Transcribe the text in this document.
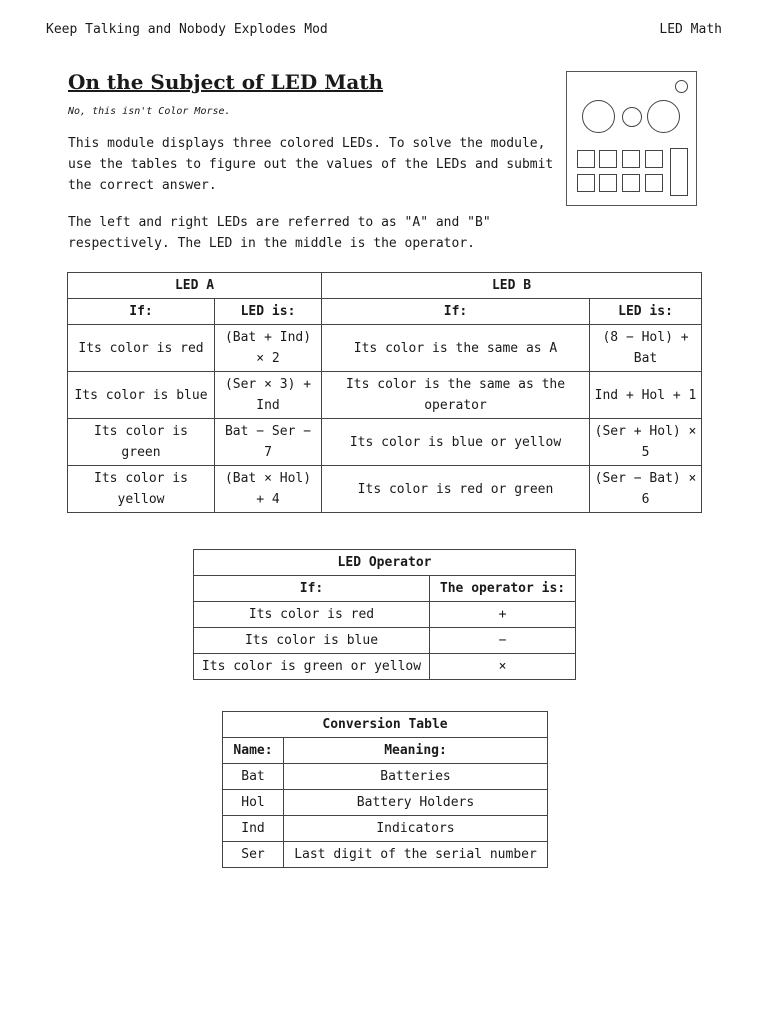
Keep Talking and Nobody Explodes Mod	LED Math
On the Subject of LED Math
No, this isn't Color Morse.
This module displays three colored LEDs. To solve the module, use the tables to figure out the values of the LEDs and submit the correct answer.
The left and right LEDs are referred to as "A" and "B" respectively. The LED in the middle is the operator.
LED A		LED B	
If:	LED is:	If:	LED is:
Its color is red	(Bat + Ind) × 2	Its color is the same as A	(8 − Hol) + Bat
Its color is blue	(Ser × 3) + Ind	Its color is the same as the operator	Ind + Hol + 1
Its color is green	Bat − Ser − 7	Its color is blue or yellow	(Ser + Hol) × 5
Its color is yellow	(Bat × Hol) + 4	Its color is red or green	(Ser − Bat) × 6
LED Operator	
If:	The operator is:
Its color is red	+
Its color is blue	−
Its color is green or yellow	×
Conversion Table	
Name:	Meaning:
Bat	Batteries
Hol	Battery Holders
Ind	Indicators
Ser	Last digit of the serial number
